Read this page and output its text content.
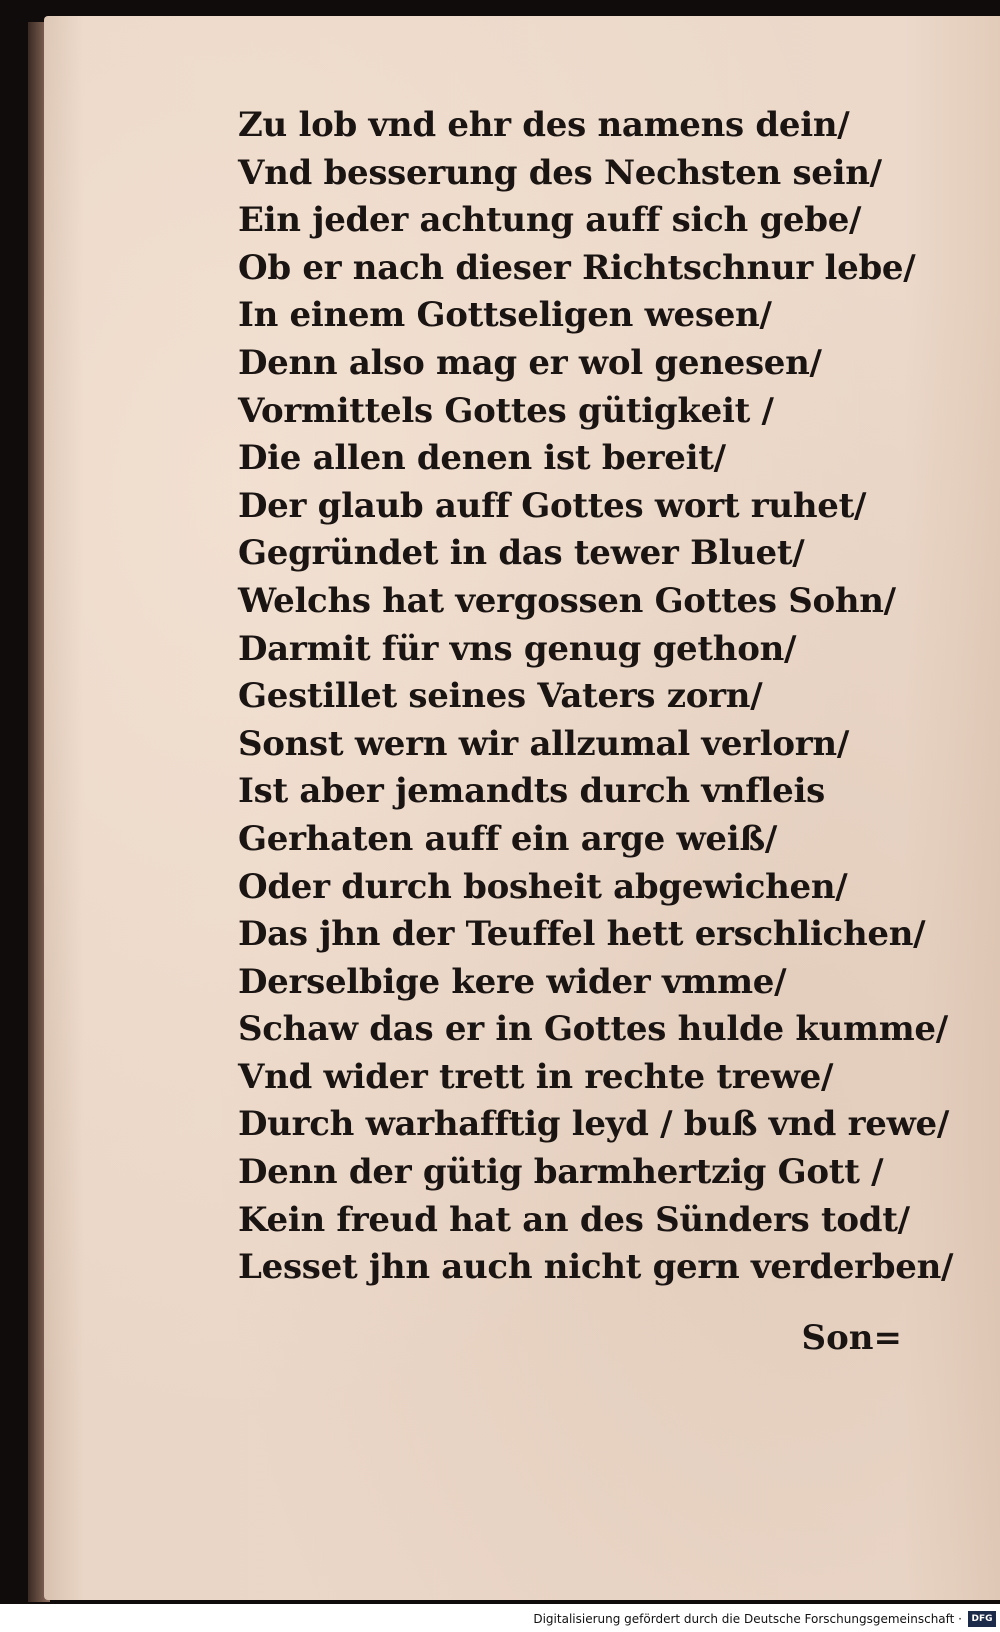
Zu lob vnd ehr des namens dein/
Vnd besserung des Nechsten sein/
Ein jeder achtung auff sich gebe/
Ob er nach dieser Richtschnur lebe/
In einem Gottseligen wesen/
Denn also mag er wol genesen/
Vormittels Gottes gütigkeit /
Die allen denen ist bereit/
Der glaub auff Gottes wort ruhet/
Gegründet in das tewer Bluet/
Welchs hat vergossen Gottes Sohn/
Darmit für vns genug gethon/
Gestillet seines Vaters zorn/
Sonst wern wir allzumal verlorn/
Ist aber jemandts durch vnfleis
Gerhaten auff ein arge weiß/
Oder durch bosheit abgewichen/
Das jhn der Teuffel hett erschlichen/
Derselbige kere wider vmme/
Schaw das er in Gottes hulde kumme/
Vnd wider trett in rechte trewe/
Durch warhafftig leyd / buß vnd rewe/
Denn der gütig barmhertzig Gott /
Kein freud hat an des Sünders todt/
Lesset jhn auch nicht gern verderben/
Son=
Digitalisierung gefördert durch die Deutsche Forschungsgemeinschaft ·	DFG
